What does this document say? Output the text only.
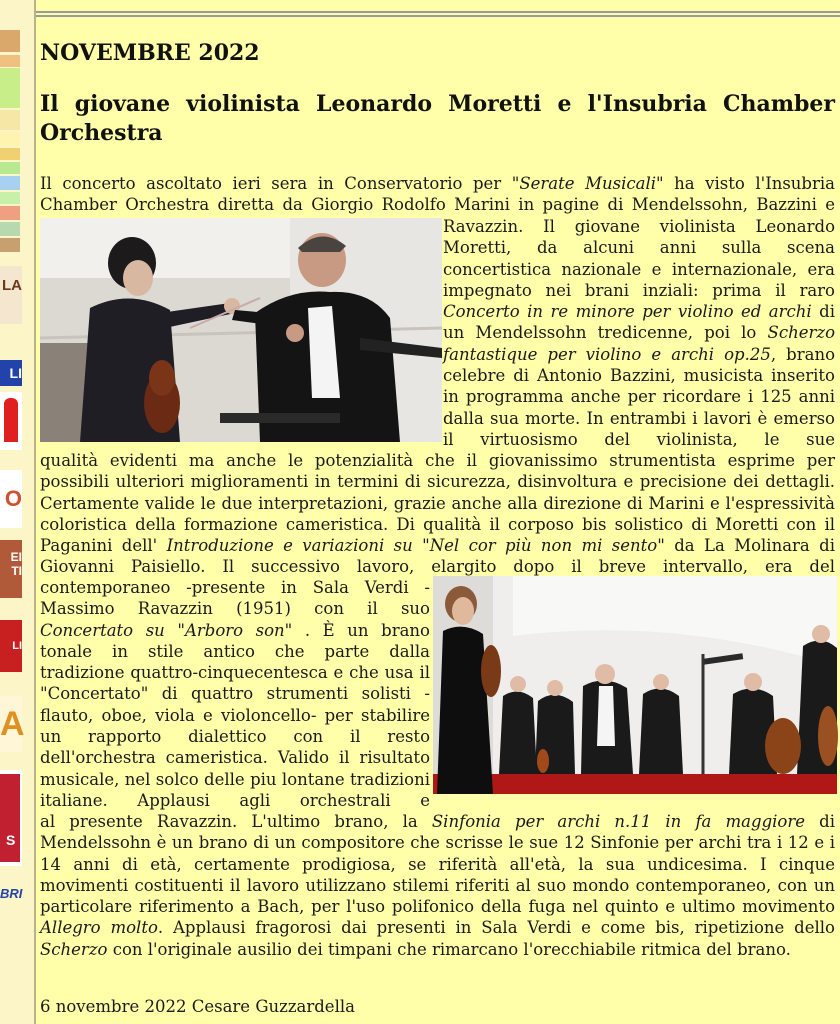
LA
LI
O
EI TI
LI
A
S
BRI
NOVEMBRE 2022
Il giovane violinista Leonardo Moretti e l'Insubria Chamber Orchestra

Il concerto ascoltato ieri sera in Conservatorio per "Serate Musicali" ha visto l'Insubria Chamber Orchestra diretta da Giorgio Rodolfo Marini in pagine di Mendelssohn, Bazzini e

Ravazzin. Il giovane violinista Leonardo Moretti, da alcuni anni sulla scena concertistica nazionale e internazionale, era impegnato nei brani inziali: prima il raro Concerto in re minore per violino ed archi di un Mendelssohn tredicenne, poi lo Scherzo fantastique per violino e archi op.25, brano celebre di Antonio Bazzini, musicista inserito in programma anche per ricordare i 125 anni dalla sua morte. In entrambi i lavori è emerso il virtuosismo del violinista, le sue

qualità evidenti ma anche le potenzialità che il giovanissimo strumentista esprime per possibili ulteriori miglioramenti in termini di sicurezza, disinvoltura e precisione dei dettagli. Certamente valide le due interpretazioni, grazie anche alla direzione di Marini e l'espressività coloristica della formazione cameristica. Di qualità il corposo bis solistico di Moretti con il Paganini dell' Introduzione e variazioni su "Nel cor più non mi sento" da La Molinara di Giovanni Paisiello. Il successivo lavoro, elargito dopo il breve intervallo, era del

contemporaneo -presente in Sala Verdi - Massimo Ravazzin (1951) con il suo Concertato su "Arboro son" . È un brano tonale in stile antico che parte dalla tradizione quattro-cinquecentesca e che usa il "Concertato" di quattro strumenti solisti - flauto, oboe, viola e violoncello- per stabilire un rapporto dialettico con il resto dell'orchestra cameristica. Valido il risultato musicale, nel solco delle piu lontane tradizioni italiane. Applausi agli orchestrali e

al presente Ravazzin. L'ultimo brano, la Sinfonia per archi n.11 in fa maggiore di Mendelssohn è un brano di un compositore che scrisse le sue 12 Sinfonie per archi tra i 12 e i 14 anni di età, certamente prodigiosa, se riferità all'età, la sua undicesima. I cinque movimenti costituenti il lavoro utilizzano stilemi riferiti al suo mondo contemporaneo, con un particolare riferimento a Bach, per l'uso polifonico della fuga nel quinto e ultimo movimento Allegro molto. Applausi fragorosi dai presenti in Sala Verdi e come bis, ripetizione dello Scherzo con l'originale ausilio dei timpani che rimarcano l'orecchiabile ritmica del brano.

6 novembre 2022 Cesare Guzzardella
